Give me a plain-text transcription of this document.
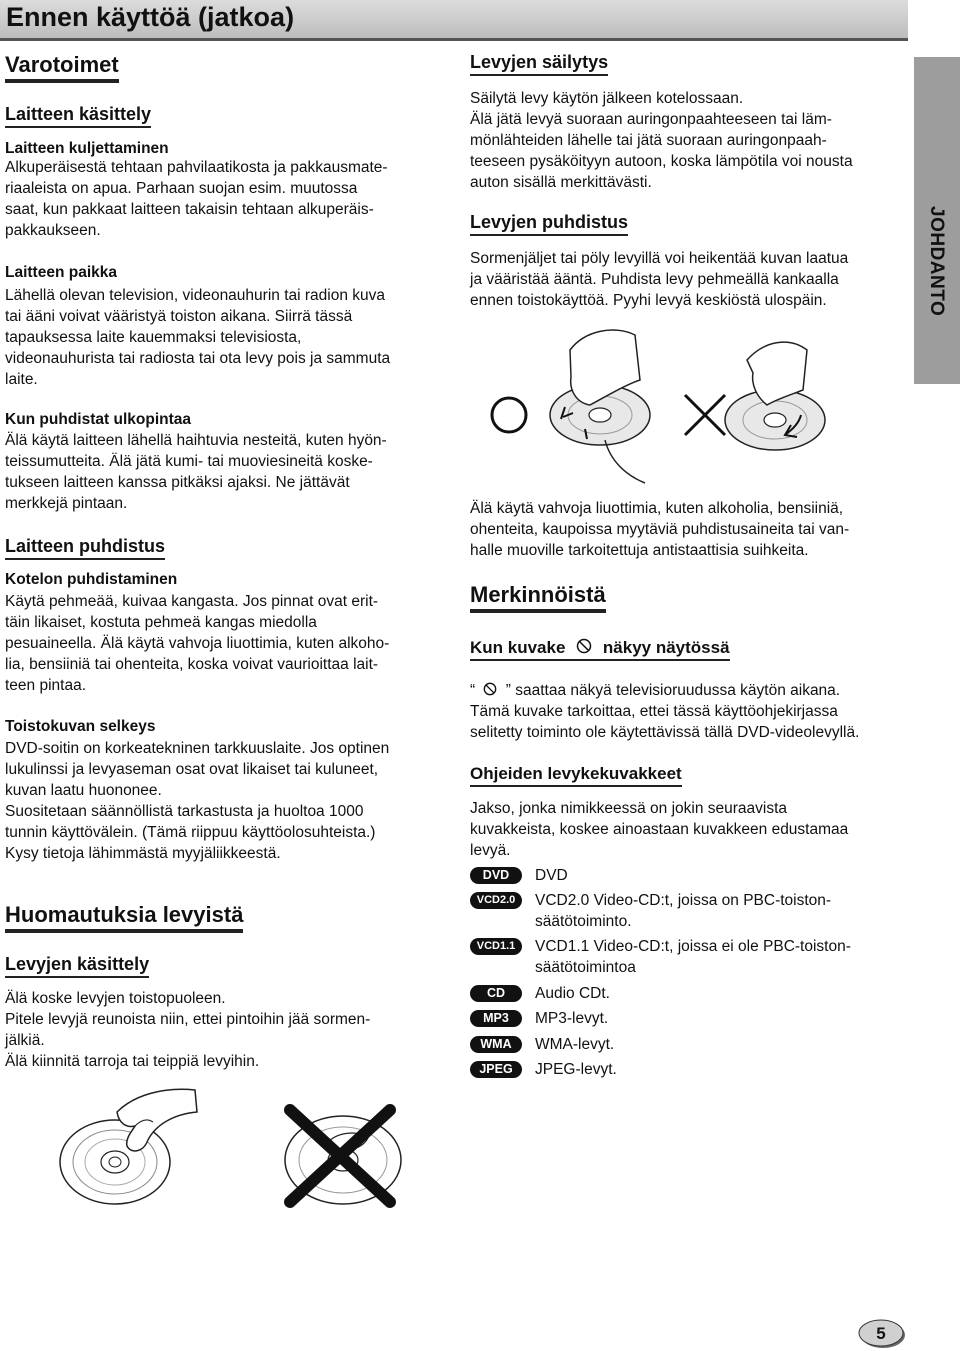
Ennen käyttöä (jatkoa)
Varotoimet
Laitteen käsittely
Laitteen kuljettaminen
Alkuperäisestä tehtaan pahvilaatikosta ja pakkausmate-
riaaleista on apua. Parhaan suojan esim. muutossa
saat, kun pakkaat laitteen takaisin tehtaan alkuperäis-
pakkaukseen.
Laitteen paikka
Lähellä olevan television, videonauhurin tai radion kuva
tai ääni voivat vääristyä toiston aikana. Siirrä tässä
tapauksessa laite kauemmaksi televisiosta,
videonauhurista tai radiosta tai ota levy pois ja sammuta
laite.
Kun puhdistat ulkopintaa
Älä käytä laitteen lähellä haihtuvia nesteitä, kuten hyön-
teissumutteita. Älä jätä kumi- tai muoviesineitä koske-
tukseen laitteen kanssa pitkäksi ajaksi. Ne jättävät
merkkejä pintaan.
Laitteen puhdistus
Kotelon puhdistaminen
Käytä pehmeää, kuivaa kangasta. Jos pinnat ovat erit-
täin likaiset, kostuta pehmeä kangas miedolla
pesuaineella. Älä käytä vahvoja liuottimia, kuten alkoho-
lia, bensiiniä tai ohenteita, koska voivat vaurioittaa lait-
teen pintaa.
Toistokuvan selkeys
DVD-soitin on korkeatekninen tarkkuuslaite. Jos optinen
lukulinssi ja levyaseman osat ovat likaiset tai kuluneet,
kuvan laatu huononee.
Suositetaan säännöllistä tarkastusta ja huoltoa 1000
tunnin käyttövälein. (Tämä riippuu käyttöolosuhteista.)
Kysy tietoja lähimmästä myyjäliikkeestä.
Huomautuksia levyistä
Levyjen käsittely
Älä koske levyjen toistopuoleen.
Pitele levyjä reunoista niin, ettei pintoihin jää sormen-
jälkiä.
Älä kiinnitä tarroja tai teippiä levyihin.
Levyjen säilytys
Säilytä levy käytön jälkeen kotelossaan.
Älä jätä levyä suoraan auringonpaahteeseen tai läm-
mönlähteiden lähelle tai jätä suoraan auringonpaah-
teeseen pysäköityyn autoon, koska lämpötila voi nousta
auton sisällä merkittävästi.
Levyjen puhdistus
Sormenjäljet tai pöly levyillä voi heikentää kuvan laatua
ja vääristää ääntä. Puhdista levy pehmeällä kankaalla
ennen toistokäyttöä. Pyyhi levyä keskiöstä ulospäin.
Älä käytä vahvoja liuottimia, kuten alkoholia, bensiiniä,
ohenteita, kaupoissa myytäviä puhdistusaineita tai van-
halle muoville tarkoitettuja antistaattisia suihkeita.
Merkinnöistä
Kun kuvake näkyy näytössä
“ ” saattaa näkyä televisioruudussa käytön aikana.
Tämä kuvake tarkoittaa, ettei tässä käyttöohjekirjassa
selitetty toiminto ole käytettävissä tällä DVD-videolevyllä.
Ohjeiden levykekuvakkeet
Jakso, jonka nimikkeessä on jokin seuraavista
kuvakkeista, koskee ainoastaan kuvakkeen edustamaa
levyä.
DVD DVD
VCD2.0 VCD2.0 Video-CD:t, joissa on PBC-toiston-
säätötoiminto.
VCD1.1 VCD1.1 Video-CD:t, joissa ei ole PBC-toiston-
säätötoimintoa
CD Audio CDt.
MP3 MP3-levyt.
WMA WMA-levyt.
JPEG JPEG-levyt.
5
